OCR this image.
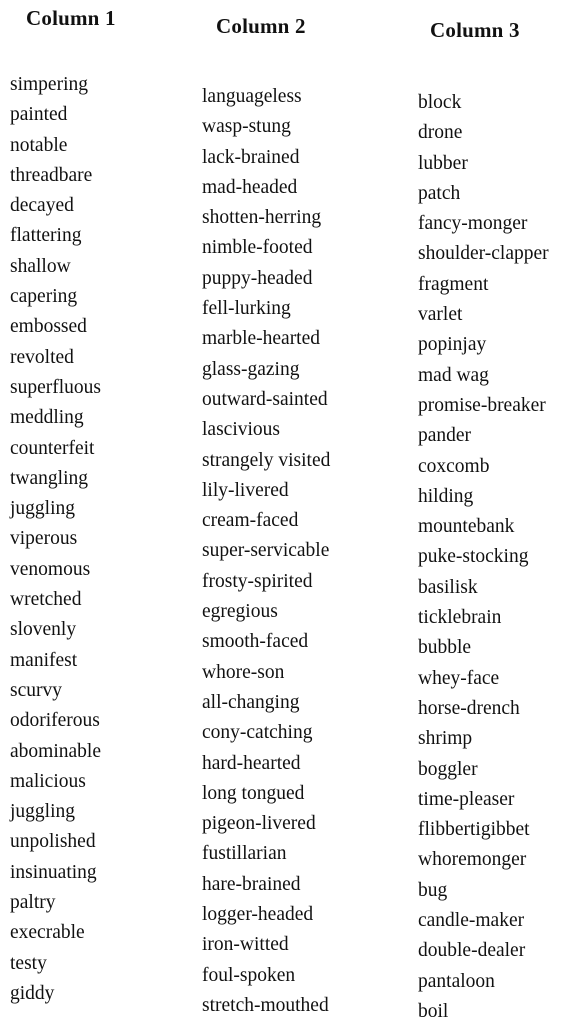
Column 1
simpering
painted
notable
threadbare
decayed
flattering
shallow
capering
embossed
revolted
superfluous
meddling
counterfeit
twangling
juggling
viperous
venomous
wretched
slovenly
manifest
scurvy
odoriferous
abominable
malicious
juggling
unpolished
insinuating
paltry
execrable
testy
giddy
Column 2
languageless
wasp-stung
lack-brained
mad-headed
shotten-herring
nimble-footed
puppy-headed
fell-lurking
marble-hearted
glass-gazing
outward-sainted
lascivious
strangely visited
lily-livered
cream-faced
super-servicable
frosty-spirited
egregious
smooth-faced
whore-son
all-changing
cony-catching
hard-hearted
long tongued
pigeon-livered
fustillarian
hare-brained
logger-headed
iron-witted
foul-spoken
stretch-mouthed
Column 3
block
drone
lubber
patch
fancy-monger
shoulder-clapper
fragment
varlet
popinjay
mad wag
promise-breaker
pander
coxcomb
hilding
mountebank
puke-stocking
basilisk
ticklebrain
bubble
whey-face
horse-drench
shrimp
boggler
time-pleaser
flibbertigibbet
whoremonger
bug
candle-maker
double-dealer
pantaloon
boil
